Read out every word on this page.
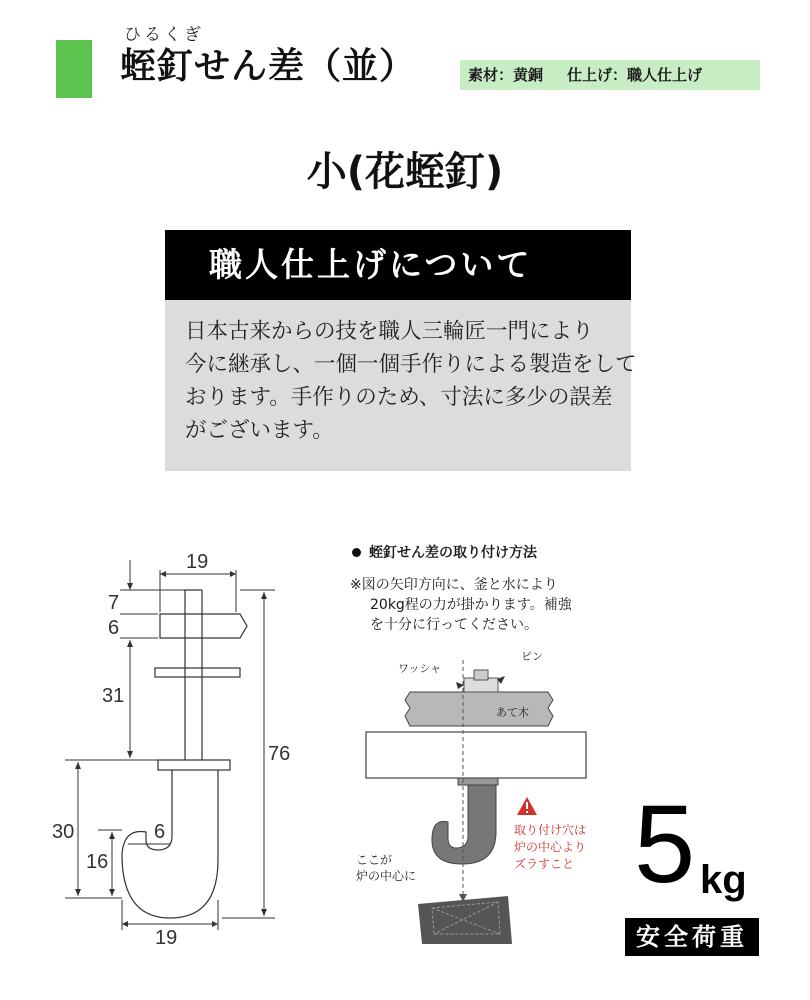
ひるくぎ
蛭釘せん差（並）	素材：黄銅 仕上げ：職人仕上げ
小(花蛭釘)
職人仕上げについて
日本古来からの技を職人三輪匠一門により
今に継承し、一個一個手作りによる製造をして
おります。手作りのため、寸法に多少の誤差
がございます。
19
7
6
31
76
30	6
16
19
蛭釘せん差の取り付け方法
※図の矢印方向に、釜と水により
20kg程の力が掛かります。補強
を十分に行ってください。
ワッシャ
ピン
あて木
取り付け穴は
炉の中心より
ズラすこと
ここが
炉の中心に 5 kg
安全荷重
